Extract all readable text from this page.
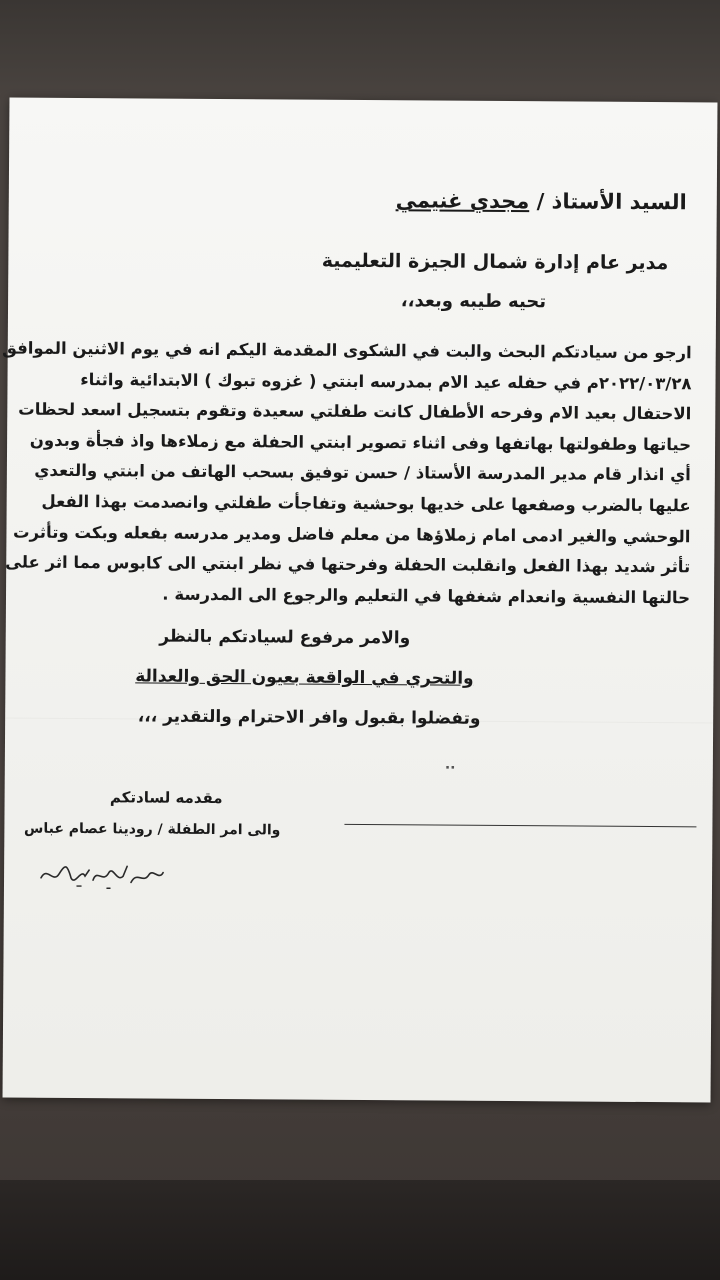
السيد الأستاذ / مجدي غنيمي
مدير عام إدارة شمال الجيزة التعليمية
تحيه طيبه وبعد،،

ارجو من سيادتكم البحث والبت في الشكوى المقدمة اليكم انه في يوم الاثنين الموافق

٢٠٢٢/٠٣/٢٨م في حفله عيد الام بمدرسه ابنتي ( غزوه تبوك ) الابتدائية واثناء

الاحتفال بعيد الام وفرحه الأطفال كانت طفلتي سعيدة وتقوم بتسجيل اسعد لحظات

حياتها وطفولتها بهاتفها وفى اثناء تصوير ابنتي الحفلة مع زملاءها واذ فجأة وبدون

أي انذار قام مدير المدرسة الأستاذ / حسن توفيق بسحب الهاتف من ابنتي والتعدي

عليها بالضرب وصفعها على خديها بوحشية وتفاجأت طفلتي وانصدمت بهذا الفعل

الوحشي والغير ادمى امام زملاؤها من معلم فاضل ومدير مدرسه بفعله وبكت وتأثرت

تأثر شديد بهذا الفعل وانقلبت الحفلة وفرحتها في نظر ابنتي الى كابوس مما اثر على

حالتها النفسية وانعدام شغفها في التعليم والرجوع الى المدرسة .

والامر مرفوع لسيادتكم بالنظر
والتحري في الواقعة بعيون الحق والعدالة
وتفضلوا بقبول وافر الاحترام والتقدير ،،،
..
مقدمه لسادتكم
والى امر الطفلة / رودينا عصام عباس
